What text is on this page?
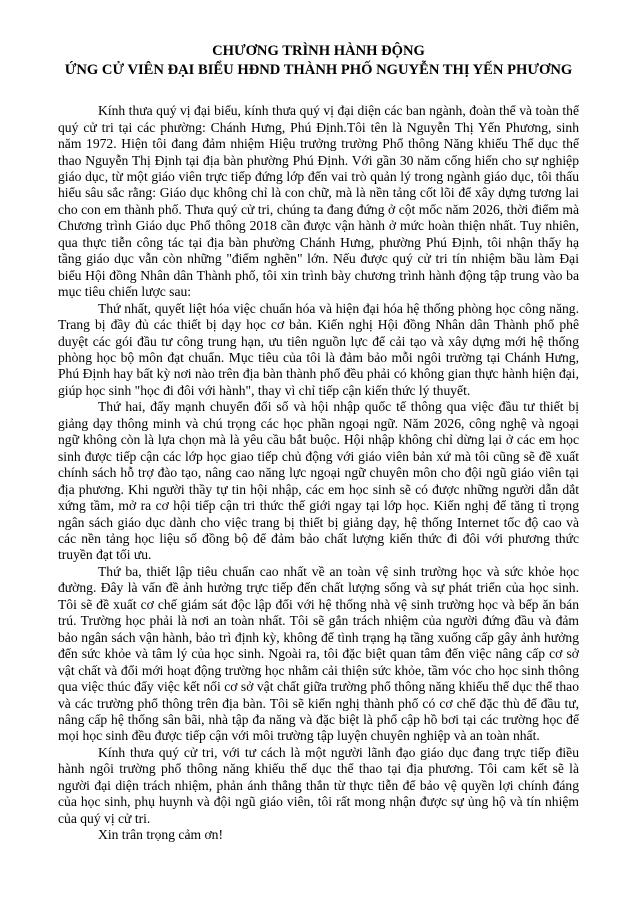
CHƯƠNG TRÌNH HÀNH ĐỘNG
ỨNG CỬ VIÊN ĐẠI BIỂU HĐND THÀNH PHỐ NGUYỄN THỊ YẾN PHƯƠNG

Kính thưa quý vị đại biểu, kính thưa quý vị đại diện các ban ngành, đoàn thể và toàn thể quý cử tri tại các phường: Chánh Hưng, Phú Định.Tôi tên là Nguyễn Thị Yến Phương, sinh năm 1972. Hiện tôi đang đảm nhiệm Hiệu trưởng trường Phổ thông Năng khiếu Thể dục thể thao Nguyễn Thị Định tại địa bàn phường Phú Định. Với gần 30 năm cống hiến cho sự nghiệp giáo dục, từ một giáo viên trực tiếp đứng lớp đến vai trò quản lý trong ngành giáo dục, tôi thấu hiểu sâu sắc rằng: Giáo dục không chỉ là con chữ, mà là nền tảng cốt lõi để xây dựng tương lai cho con em thành phố. Thưa quý cử tri, chúng ta đang đứng ở cột mốc năm 2026, thời điểm mà Chương trình Giáo dục Phổ thông 2018 cần được vận hành ở mức hoàn thiện nhất. Tuy nhiên, qua thực tiễn công tác tại địa bàn phường Chánh Hưng, phường Phú Định, tôi nhận thấy hạ tầng giáo dục vẫn còn những "điểm nghẽn" lớn. Nếu được quý cử tri tín nhiệm bầu làm Đại biểu Hội đồng Nhân dân Thành phố, tôi xin trình bày chương trình hành động tập trung vào ba mục tiêu chiến lược sau:

Thứ nhất, quyết liệt hóa việc chuẩn hóa và hiện đại hóa hệ thống phòng học công năng. Trang bị đầy đủ các thiết bị dạy học cơ bản. Kiến nghị Hội đồng Nhân dân Thành phố phê duyệt các gói đầu tư công trung hạn, ưu tiên nguồn lực để cải tạo và xây dựng mới hệ thống phòng học bộ môn đạt chuẩn. Mục tiêu của tôi là đảm bảo mỗi ngôi trường tại Chánh Hưng, Phú Định hay bất kỳ nơi nào trên địa bàn thành phố đều phải có không gian thực hành hiện đại, giúp học sinh "học đi đôi với hành", thay vì chỉ tiếp cận kiến thức lý thuyết.

Thứ hai, đẩy mạnh chuyển đổi số và hội nhập quốc tế thông qua việc đầu tư thiết bị giảng dạy thông minh và chú trọng các học phần ngoại ngữ. Năm 2026, công nghệ và ngoại ngữ không còn là lựa chọn mà là yêu cầu bắt buộc. Hội nhập không chỉ dừng lại ở các em học sinh được tiếp cận các lớp học giao tiếp chủ động với giáo viên bản xứ mà tôi cũng sẽ đề xuất chính sách hỗ trợ đào tạo, nâng cao năng lực ngoại ngữ chuyên môn cho đội ngũ giáo viên tại địa phương. Khi người thầy tự tin hội nhập, các em học sinh sẽ có được những người dẫn dắt xứng tầm, mở ra cơ hội tiếp cận tri thức thế giới ngay tại lớp học. Kiến nghị để tăng tỉ trọng ngân sách giáo dục dành cho việc trang bị thiết bị giảng dạy, hệ thống Internet tốc độ cao và các nền tảng học liệu số đồng bộ để đảm bảo chất lượng kiến thức đi đôi với phương thức truyền đạt tối ưu.

Thứ ba, thiết lập tiêu chuẩn cao nhất về an toàn vệ sinh trường học và sức khỏe học đường. Đây là vấn đề ảnh hưởng trực tiếp đến chất lượng sống và sự phát triển của học sinh. Tôi sẽ đề xuất cơ chế giám sát độc lập đối với hệ thống nhà vệ sinh trường học và bếp ăn bán trú. Trường học phải là nơi an toàn nhất. Tôi sẽ gắn trách nhiệm của người đứng đầu và đảm bảo ngân sách vận hành, bảo trì định kỳ, không để tình trạng hạ tầng xuống cấp gây ảnh hưởng đến sức khỏe và tâm lý của học sinh. Ngoài ra, tôi đặc biệt quan tâm đến việc nâng cấp cơ sở vật chất và đổi mới hoạt động trường học nhằm cải thiện sức khỏe, tầm vóc cho học sinh thông qua việc thúc đẩy việc kết nối cơ sở vật chất giữa trường phổ thông năng khiếu thể dục thể thao và các trường phổ thông trên địa bàn. Tôi sẽ kiến nghị thành phố có cơ chế đặc thù để đầu tư, nâng cấp hệ thống sân bãi, nhà tập đa năng và đặc biệt là phổ cập hồ bơi tại các trường học để mọi học sinh đều được tiếp cận với môi trường tập luyện chuyên nghiệp và an toàn nhất.

Kính thưa quý cử tri, với tư cách là một người lãnh đạo giáo dục đang trực tiếp điều hành ngôi trường phổ thông năng khiếu thể dục thể thao tại địa phương. Tôi cam kết sẽ là người đại diện trách nhiệm, phản ánh thẳng thắn từ thực tiễn để bảo vệ quyền lợi chính đáng của học sinh, phụ huynh và đội ngũ giáo viên, tôi rất mong nhận được sự ủng hộ và tín nhiệm của quý vị cử tri.

Xin trân trọng cảm ơn!
